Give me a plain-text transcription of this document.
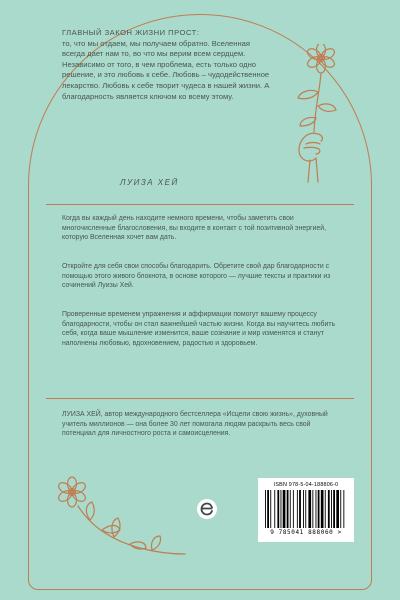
ГЛАВНЫЙ ЗАКОН ЖИЗНИ ПРОСТ:
то, что мы отдаем, мы получаем обратно. Вселенная всегда дает нам то, во что мы верим всем сердцем. Независимо от того, в чем проблема, есть только одно решение, и это любовь к себе. Любовь – чудодейственное лекарство. Любовь к себе творит чудеса в нашей жизни. А благодарность является ключом ко всему этому.
ЛУИЗА ХЕЙ
Когда вы каждый день находите немного времени, чтобы заметить свои многочисленные благословения, вы входите в контакт с той позитивной энергией, которую Вселенная хочет вам дать.
Откройте для себя свои способы благодарить. Обретите свой дар благодарности с помощью этого живого блокнота, в основе которого — лучшие тексты и практики из сочинений Луизы Хей.
Проверенные временем упражнения и аффирмации помогут вашему процессу благодарности, чтобы он стал важнейшей частью жизни. Когда вы научитесь любить себя, когда ваше мышление изменится, ваше сознание и мир изменятся и станут наполнены любовью, вдохновением, радостью и здоровьем.
ЛУИЗА ХЕЙ, автор международного бестселлера «Исцели свою жизнь», духовный учитель миллионов — она более 30 лет помогала людям раскрыть весь свой потенциал для личностного роста и самоисцеления.
ISBN 978-5-04-188806-0
9 785041 888060 >
